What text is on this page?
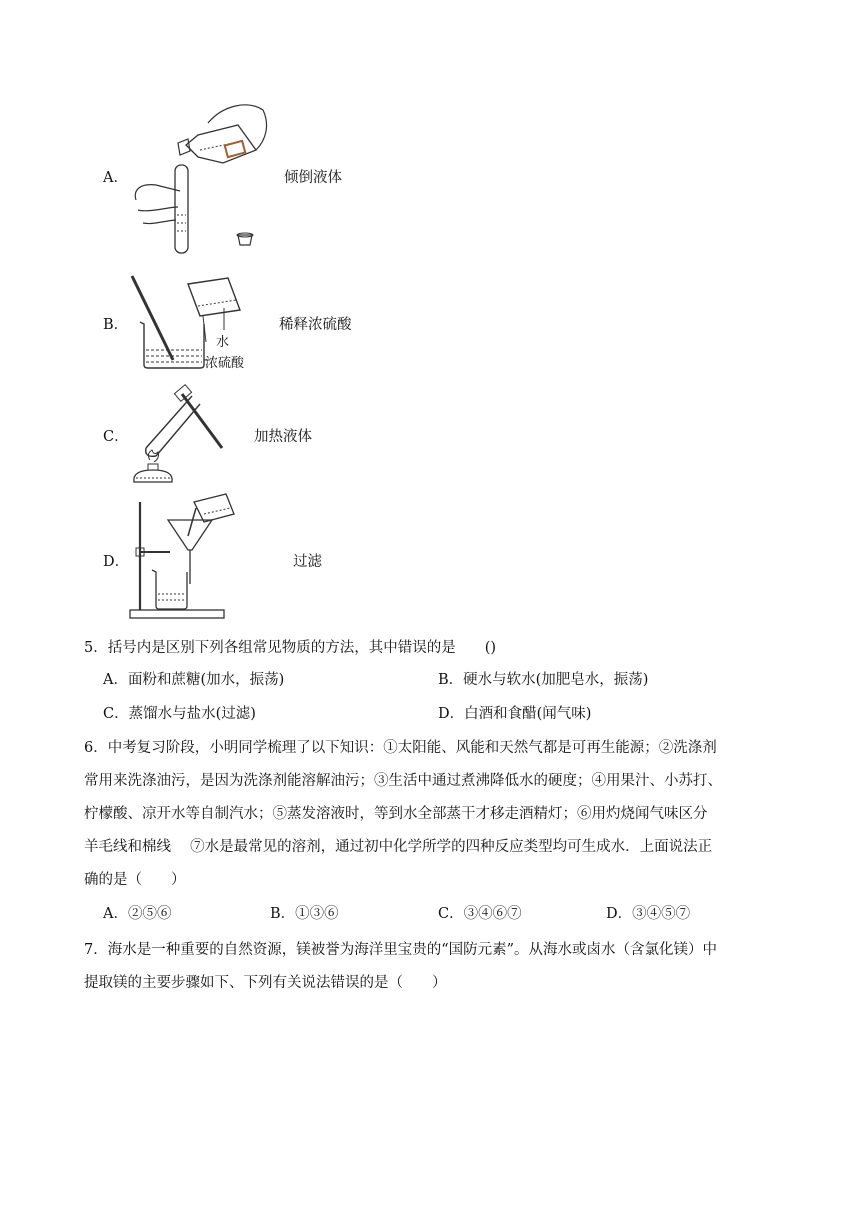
A．	倾倒液体
B．
水
浓硫酸
稀释浓硫酸
C．	加热液体
D．	过滤
5．括号内是区别下列各组常见物质的方法，其中错误的是　　()
A．面粉和蔗糖(加水，振荡)	B．硬水与软水(加肥皂水，振荡)
C．蒸馏水与盐水(过滤)	D．白酒和食醋(闻气味)
6．中考复习阶段，小明同学梳理了以下知识：①太阳能、风能和天然气都是可再生能源；②洗涤剂
常用来洗涤油污，是因为洗涤剂能溶解油污；③生活中通过煮沸降低水的硬度；④用果汁、小苏打、
柠檬酸、凉开水等自制汽水；⑤蒸发溶液时，等到水全部蒸干才移走酒精灯；⑥用灼烧闻气味区分
羊毛线和棉线　 ⑦水是最常见的溶剂，通过初中化学所学的四种反应类型均可生成水．上面说法正
确的是（　　）
A．②⑤⑥	B．①③⑥	C．③④⑥⑦	D．③④⑤⑦
7．海水是一种重要的自然资源，镁被誉为海洋里宝贵的“国防元素”。从海水或卤水（含氯化镁）中
提取镁的主要步骤如下、下列有关说法错误的是（　　）
